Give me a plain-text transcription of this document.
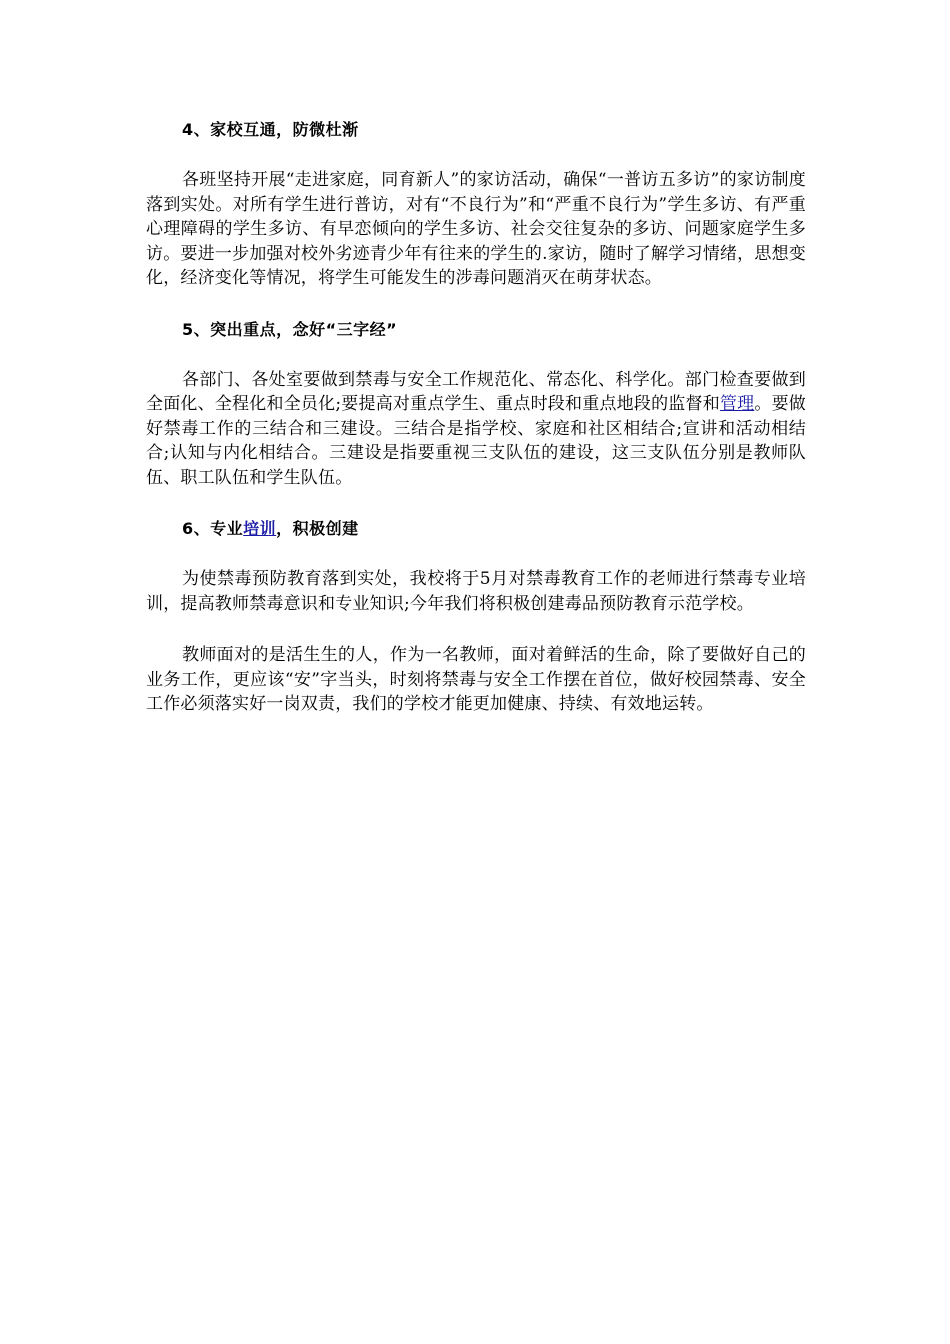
4、家校互通，防微杜渐

各班坚持开展“走进家庭，同育新人”的家访活动，确保“一普访五多访”的家访制度落到实处。对所有学生进行普访，对有“不良行为”和“严重不良行为”学生多访、有严重心理障碍的学生多访、有早恋倾向的学生多访、社会交往复杂的多访、问题家庭学生多访。要进一步加强对校外劣迹青少年有往来的学生的.家访，随时了解学习情绪，思想变化，经济变化等情况，将学生可能发生的涉毒问题消灭在萌芽状态。

5、突出重点，念好“三字经”

各部门、各处室要做到禁毒与安全工作规范化、常态化、科学化。部门检查要做到全面化、全程化和全员化;要提高对重点学生、重点时段和重点地段的监督和管理。要做好禁毒工作的三结合和三建设。三结合是指学校、家庭和社区相结合;宣讲和活动相结合;认知与内化相结合。三建设是指要重视三支队伍的建设，这三支队伍分别是教师队伍、职工队伍和学生队伍。

6、专业培训，积极创建

为使禁毒预防教育落到实处，我校将于5月对禁毒教育工作的老师进行禁毒专业培训，提高教师禁毒意识和专业知识;今年我们将积极创建毒品预防教育示范学校。

教师面对的是活生生的人，作为一名教师，面对着鲜活的生命，除了要做好自己的业务工作，更应该“安”字当头，时刻将禁毒与安全工作摆在首位，做好校园禁毒、安全工作必须落实好一岗双责，我们的学校才能更加健康、持续、有效地运转。
